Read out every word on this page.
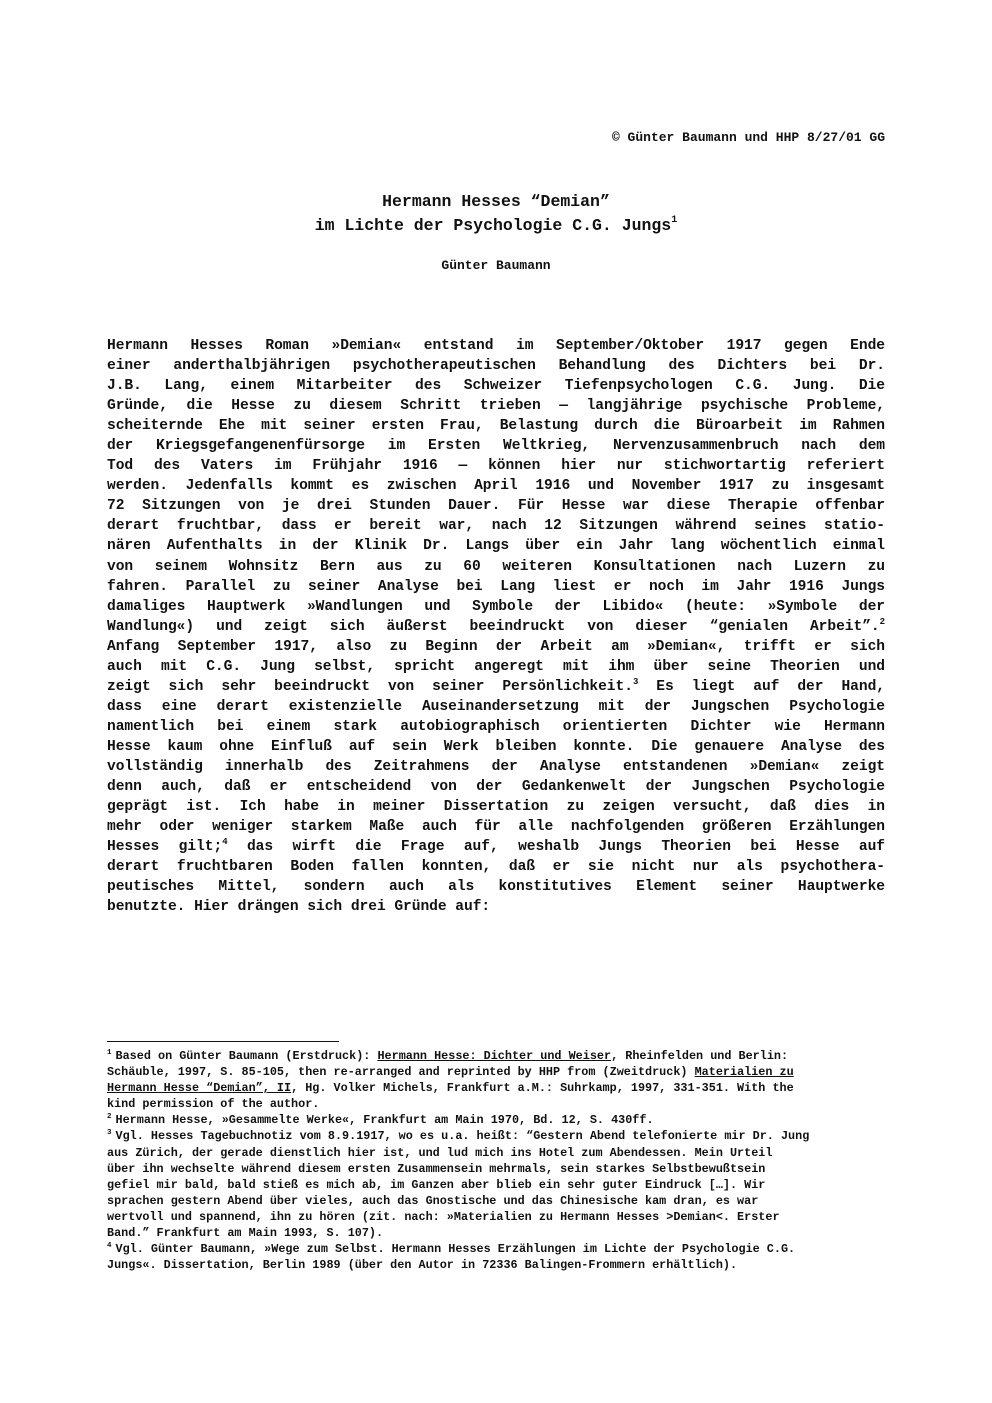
© Günter Baumann und HHP 8/27/01 GG

Hermann Hesses “Demian”

im Lichte der Psychologie C.G. Jungs$^1$

Günter Baumann
Hermann Hesses Roman »Demian« entstand im September/Oktober 1917 gegen Ende
einer anderthalbjährigen psychotherapeutischen Behandlung des Dichters bei Dr.
J.B. Lang, einem Mitarbeiter des Schweizer Tiefenpsychologen C.G. Jung. Die
Gründe, die Hesse zu diesem Schritt trieben — langjährige psychische Probleme,
scheiternde Ehe mit seiner ersten Frau, Belastung durch die Büroarbeit im Rahmen
der Kriegsgefangenenfürsorge im Ersten Weltkrieg, Nervenzusammenbruch nach dem
Tod des Vaters im Frühjahr 1916 — können hier nur stichwortartig referiert
werden. Jedenfalls kommt es zwischen April 1916 und November 1917 zu insgesamt
72 Sitzungen von je drei Stunden Dauer. Für Hesse war diese Therapie offenbar
derart fruchtbar, dass er bereit war, nach 12 Sitzungen während seines statio-
nären Aufenthalts in der Klinik Dr. Langs über ein Jahr lang wöchentlich einmal
von seinem Wohnsitz Bern aus zu 60 weiteren Konsultationen nach Luzern zu
fahren. Parallel zu seiner Analyse bei Lang liest er noch im Jahr 1916 Jungs
damaliges Hauptwerk »Wandlungen und Symbole der Libido« (heute: »Symbole der
Wandlung«) und zeigt sich äußerst beeindruckt von dieser “genialen Arbeit”.$^2$
Anfang September 1917, also zu Beginn der Arbeit am »Demian«, trifft er sich
auch mit C.G. Jung selbst, spricht angeregt mit ihm über seine Theorien und
zeigt sich sehr beeindruckt von seiner Persönlichkeit.$^3$ Es liegt auf der Hand,
dass eine derart existenzielle Auseinandersetzung mit der Jungschen Psychologie
namentlich bei einem stark autobiographisch orientierten Dichter wie Hermann
Hesse kaum ohne Einfluß auf sein Werk bleiben konnte. Die genauere Analyse des
vollständig innerhalb des Zeitrahmens der Analyse entstandenen »Demian« zeigt
denn auch, daß er entscheidend von der Gedankenwelt der Jungschen Psychologie
geprägt ist. Ich habe in meiner Dissertation zu zeigen versucht, daß dies in
mehr oder weniger starkem Maße auch für alle nachfolgenden größeren Erzählungen
Hesses gilt;$^4$ das wirft die Frage auf, weshalb Jungs Theorien bei Hesse auf
derart fruchtbaren Boden fallen konnten, daß er sie nicht nur als psychothera-
peutisches Mittel, sondern auch als konstitutives Element seiner Hauptwerke
benutzte. Hier drängen sich drei Gründe auf:
$^1$ Based on Günter Baumann (Erstdruck): Hermann Hesse: Dichter und Weiser, Rheinfelden und Berlin:
Schäuble, 1997, S. 85-105, then re-arranged and reprinted by HHP from (Zweitdruck) Materialien zu
Hermann Hesse “Demian”, II, Hg. Volker Michels, Frankfurt a.M.: Suhrkamp, 1997, 331-351. With the
kind permission of the author.
$^2$ Hermann Hesse, »Gesammelte Werke«, Frankfurt am Main 1970, Bd. 12, S. 430ff.
$^3$ Vgl. Hesses Tagebuchnotiz vom 8.9.1917, wo es u.a. heißt: “Gestern Abend telefonierte mir Dr. Jung
aus Zürich, der gerade dienstlich hier ist, und lud mich ins Hotel zum Abendessen. Mein Urteil
über ihn wechselte während diesem ersten Zusammensein mehrmals, sein starkes Selbstbewußtsein
gefiel mir bald, bald stieß es mich ab, im Ganzen aber blieb ein sehr guter Eindruck […]. Wir
sprachen gestern Abend über vieles, auch das Gnostische und das Chinesische kam dran, es war
wertvoll und spannend, ihn zu hören (zit. nach: »Materialien zu Hermann Hesses >Demian<. Erster
Band.” Frankfurt am Main 1993, S. 107).
$^4$ Vgl. Günter Baumann, »Wege zum Selbst. Hermann Hesses Erzählungen im Lichte der Psychologie C.G.
Jungs«. Dissertation, Berlin 1989 (über den Autor in 72336 Balingen-Frommern erhältlich).
